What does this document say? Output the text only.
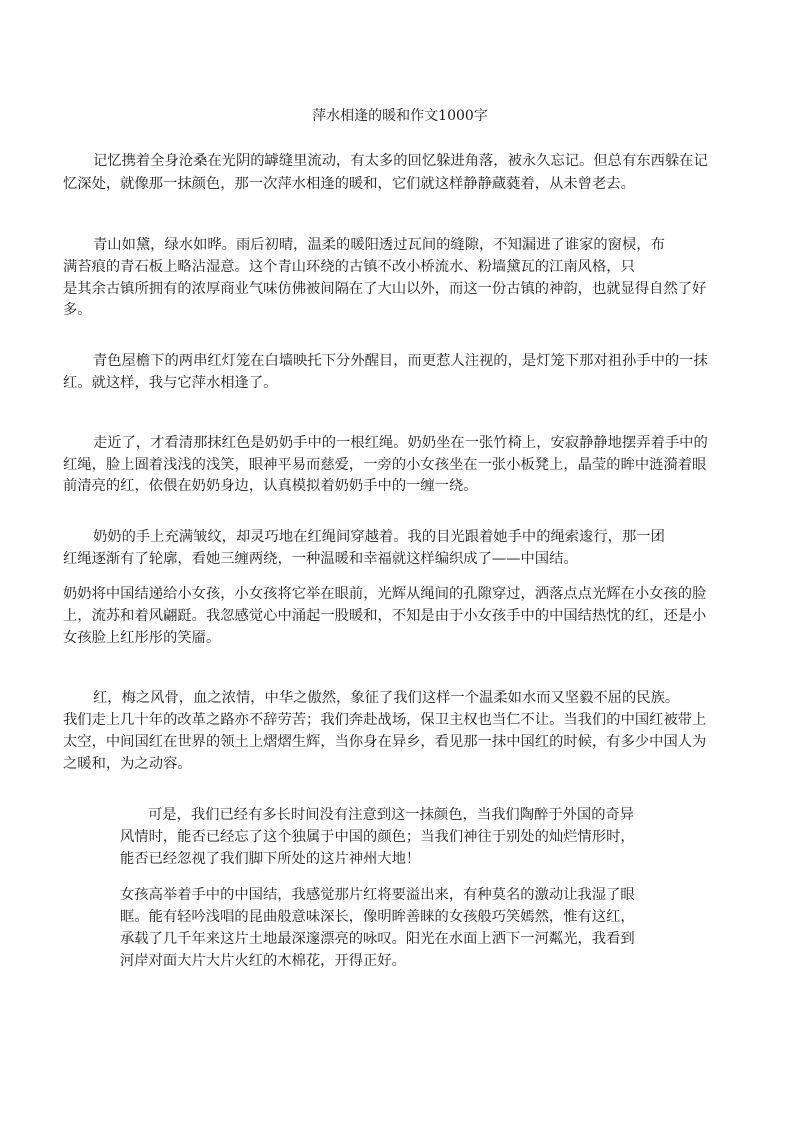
萍水相逢的暖和作文1000字
记忆携着全身沧桑在光阴的罅缝里流动，有太多的回忆躲进角落，被永久忘记。但总有东西躲在记
忆深处，就像那一抹颜色，那一次萍水相逢的暖和，它们就这样静静蔵蕤着，从未曾老去。
青山如黛，绿水如晔。雨后初晴，温柔的暖阳透过瓦间的缝隙，不知漏进了谁家的窗棂，布
满苔痕的青石板上略沾湿意。这个青山环绕的古镇不改小桥流水、粉墙黛瓦的江南风格，只
是其余古镇所拥有的浓厚商业气味仿佛被间隔在了大山以外，而这一份古镇的神韵，也就显得自然了好
多。
青色屋檐下的两串红灯笼在白墙映托下分外醒目，而更惹人注视的，是灯笼下那对祖孙手中的一抹
红。就这样，我与它萍水相逢了。
走近了，才看清那抹红色是奶奶手中的一根红绳。奶奶坐在一张竹椅上，安寂静静地摆弄着手中的
红绳，脸上圄着浅浅的浅笑，眼神平易而慈爱，一旁的小女孩坐在一张小板凳上，晶莹的眸中涟漪着眼
前清亮的红，依偎在奶奶身边，认真模拟着奶奶手中的一缠一绕。
奶奶的手上充满皱纹，却灵巧地在红绳间穿越着。我的目光跟着她手中的绳索逡行，那一团
红绳逐渐有了轮廓，看她三缠两绕，一种温暖和幸福就这样编织成了——中国结。
奶奶将中国结递给小女孩，小女孩将它举在眼前，光辉从绳间的孔隙穿过，洒落点点光辉在小女孩的脸
上，流苏和着风翩跹。我忽感觉心中涌起一股暖和，不知是由于小女孩手中的中国结热忱的红，还是小
女孩脸上红彤彤的笑靥。
红，梅之风骨，血之浓情，中华之傲然，象征了我们这样一个温柔如水而又坚毅不屈的民族。
我们走上几十年的改革之路亦不辞劳苦；我们奔赴战场，保卫主权也当仁不让。当我们的中国红被带上
太空，中间国红在世界的领土上熠熠生辉，当你身在异乡，看见那一抹中国红的时候，有多少中国人为
之暖和，为之动容。
可是，我们已经有多长时间没有注意到这一抹颜色，当我们陶醉于外国的奇异
风情时，能否已经忘了这个独属于中国的颜色；当我们神往于别处的灿烂情形时，
能否已经忽视了我们脚下所处的这片神州大地！
女孩高举着手中的中国结，我感觉那片红将要溢出来，有种莫名的激动让我湿了眼
眶。能有轻吟浅唱的昆曲般意味深长，像明眸善睐的女孩般巧笑嫣然，惟有这红，
承载了几千年来这片土地最深邃漂亮的咏叹。阳光在水面上洒下一河粼光，我看到
河岸对面大片大片火红的木棉花，开得正好。
